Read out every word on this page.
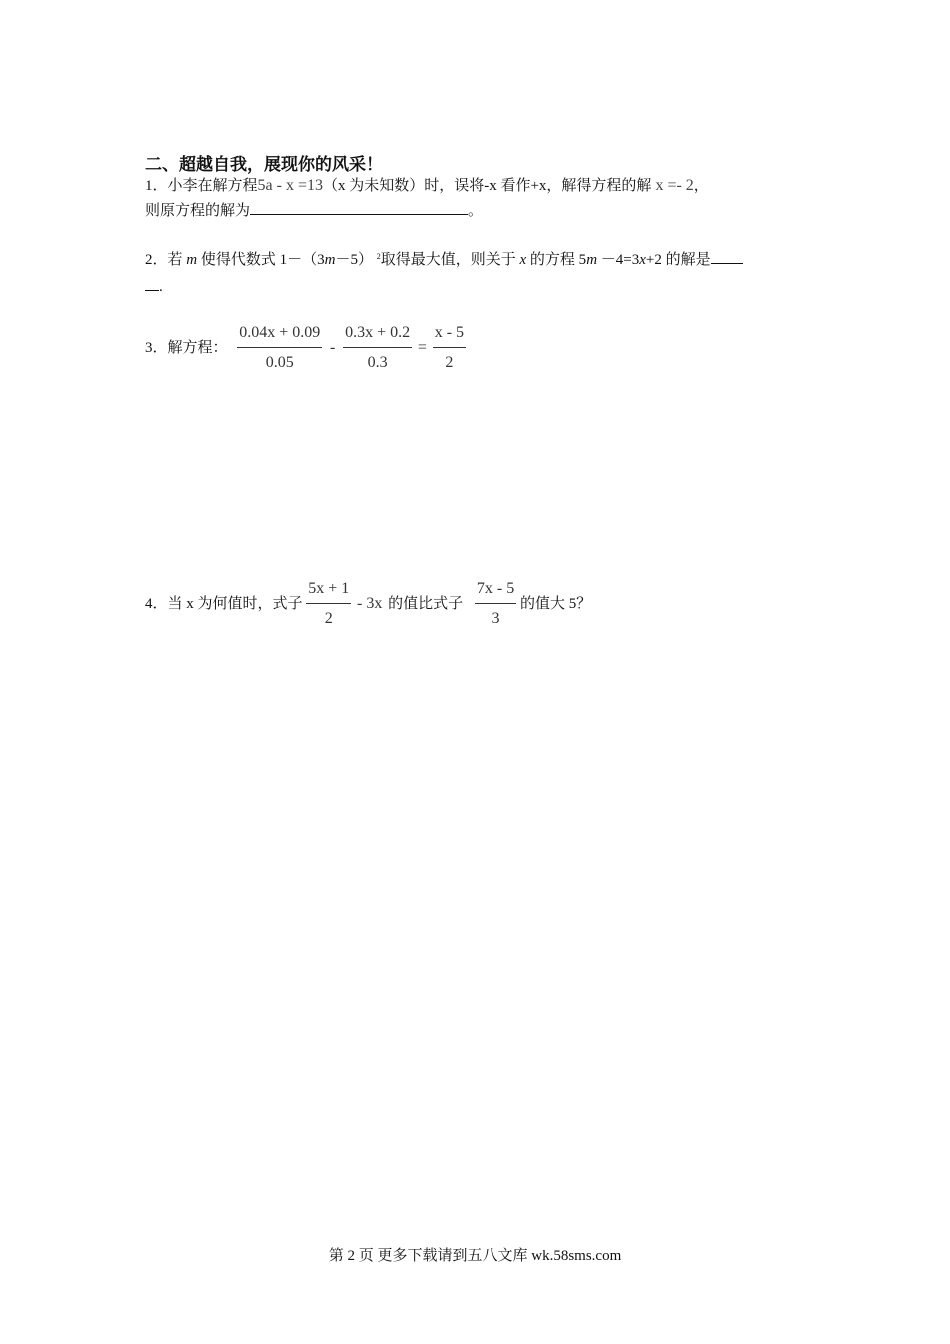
二、超越自我，展现你的风采！
1．小李在解方程5a - x =13（x 为未知数）时，误将-x 看作+x，解得方程的解 x =- 2，
则原方程的解为	。
2．若 m 使得代数式 1－（3m－5） $^2$取得最大值，则关于 x 的方程 5m －4=3x+2 的解是
.
3．解方程： $\frac{0.04x + 0.09}{0.05} - \frac{0.3x + 0.2}{0.3} = \frac{x - 5}{2}$
4．当 x 为何值时，式子 $\frac{5x + 1}{2} - 3x$ 的值比式子 $\frac{7x - 5}{3}$ 的值大 5？
第 2 页 更多下载请到五八文库 wk.58sms.com
